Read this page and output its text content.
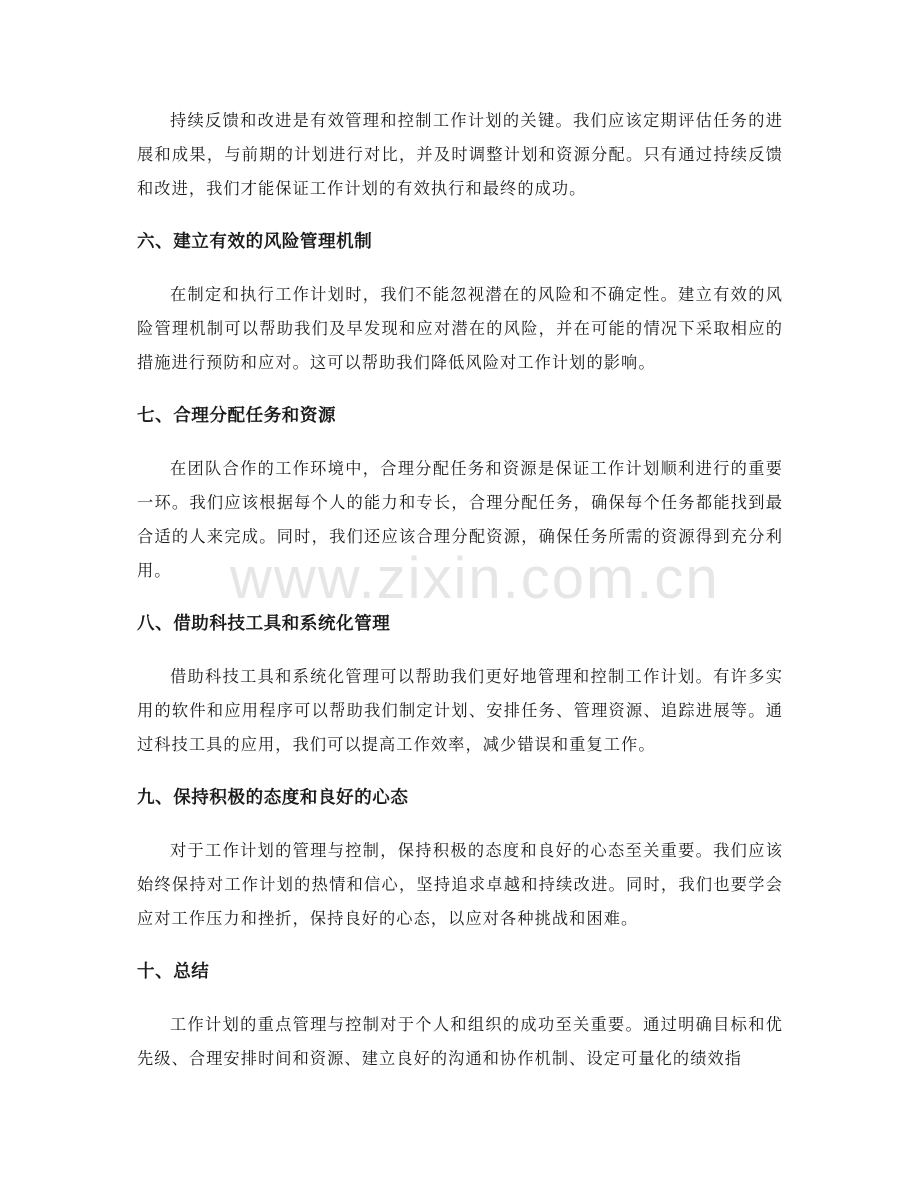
持续反馈和改进是有效管理和控制工作计划的关键。我们应该定期评估任务的进展和成果，与前期的计划进行对比，并及时调整计划和资源分配。只有通过持续反馈和改进，我们才能保证工作计划的有效执行和最终的成功。

六、建立有效的风险管理机制

在制定和执行工作计划时，我们不能忽视潜在的风险和不确定性。建立有效的风险管理机制可以帮助我们及早发现和应对潜在的风险，并在可能的情况下采取相应的措施进行预防和应对。这可以帮助我们降低风险对工作计划的影响。

七、合理分配任务和资源

在团队合作的工作环境中，合理分配任务和资源是保证工作计划顺利进行的重要一环。我们应该根据每个人的能力和专长，合理分配任务，确保每个任务都能找到最合适的人来完成。同时，我们还应该合理分配资源，确保任务所需的资源得到充分利用。

八、借助科技工具和系统化管理

借助科技工具和系统化管理可以帮助我们更好地管理和控制工作计划。有许多实用的软件和应用程序可以帮助我们制定计划、安排任务、管理资源、追踪进展等。通过科技工具的应用，我们可以提高工作效率，减少错误和重复工作。

九、保持积极的态度和良好的心态

对于工作计划的管理与控制，保持积极的态度和良好的心态至关重要。我们应该始终保持对工作计划的热情和信心，坚持追求卓越和持续改进。同时，我们也要学会应对工作压力和挫折，保持良好的心态，以应对各种挑战和困难。

十、总结

工作计划的重点管理与控制对于个人和组织的成功至关重要。通过明确目标和优先级、合理安排时间和资源、建立良好的沟通和协作机制、设定可量化的绩效指

www.zixin.com.cn
